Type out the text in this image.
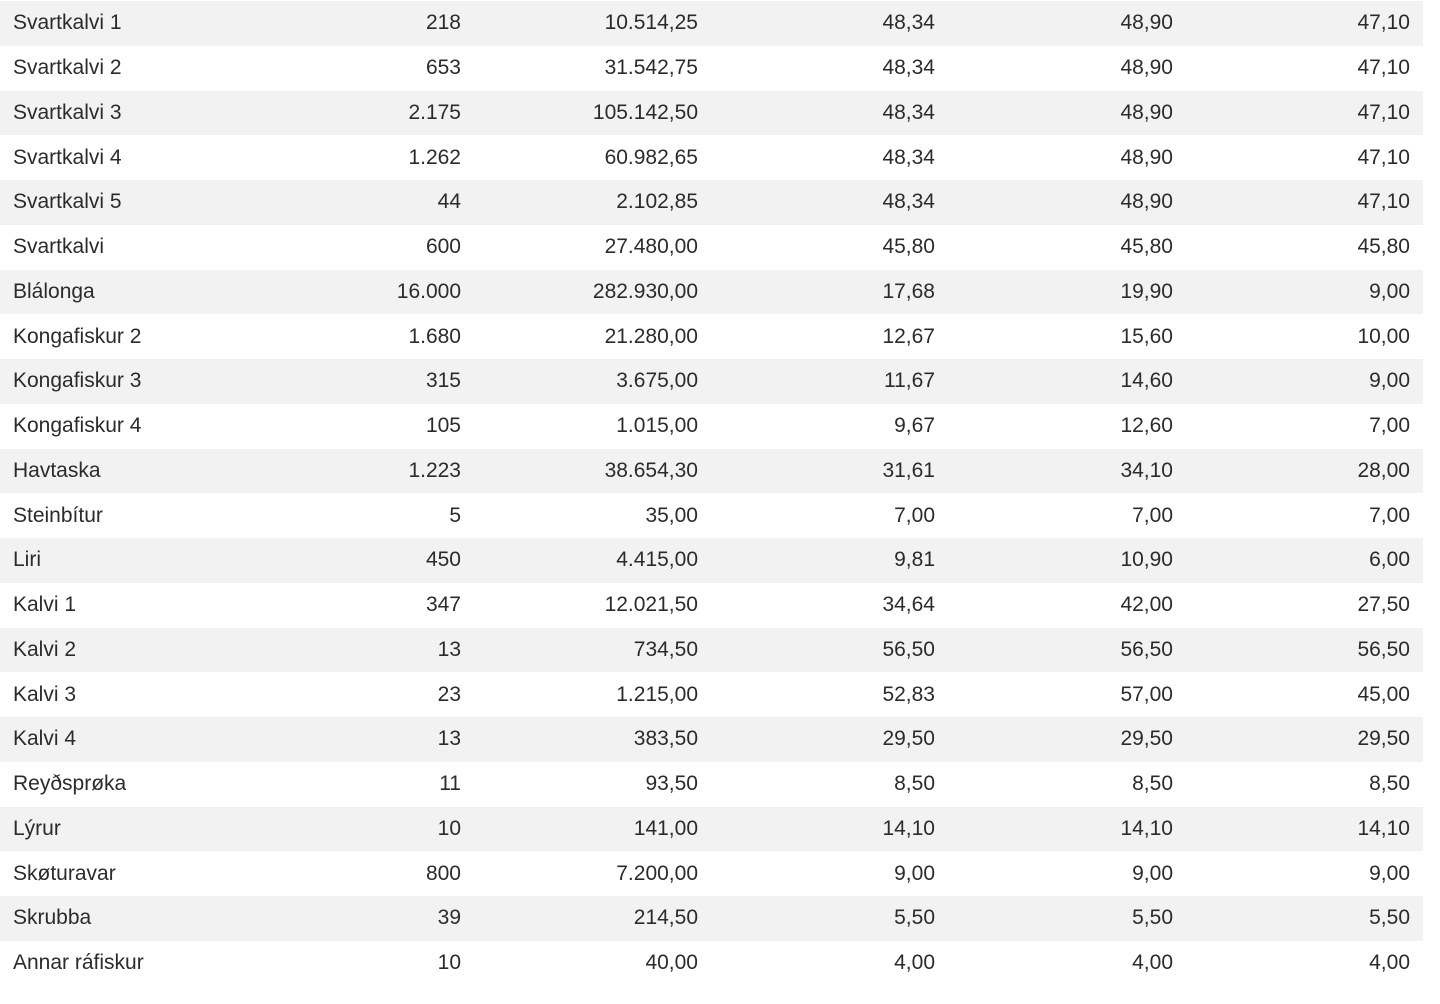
Svartkalvi 1	218	10.514,25	48,34	48,90	47,10
Svartkalvi 2	653	31.542,75	48,34	48,90	47,10
Svartkalvi 3	2.175	105.142,50	48,34	48,90	47,10
Svartkalvi 4	1.262	60.982,65	48,34	48,90	47,10
Svartkalvi 5	44	2.102,85	48,34	48,90	47,10
Svartkalvi	600	27.480,00	45,80	45,80	45,80
Blálonga	16.000	282.930,00	17,68	19,90	9,00
Kongafiskur 2	1.680	21.280,00	12,67	15,60	10,00
Kongafiskur 3	315	3.675,00	11,67	14,60	9,00
Kongafiskur 4	105	1.015,00	9,67	12,60	7,00
Havtaska	1.223	38.654,30	31,61	34,10	28,00
Steinbítur	5	35,00	7,00	7,00	7,00
Liri	450	4.415,00	9,81	10,90	6,00
Kalvi 1	347	12.021,50	34,64	42,00	27,50
Kalvi 2	13	734,50	56,50	56,50	56,50
Kalvi 3	23	1.215,00	52,83	57,00	45,00
Kalvi 4	13	383,50	29,50	29,50	29,50
Reyðsprøka	11	93,50	8,50	8,50	8,50
Lýrur	10	141,00	14,10	14,10	14,10
Skøturavar	800	7.200,00	9,00	9,00	9,00
Skrubba	39	214,50	5,50	5,50	5,50
Annar ráfiskur	10	40,00	4,00	4,00	4,00
